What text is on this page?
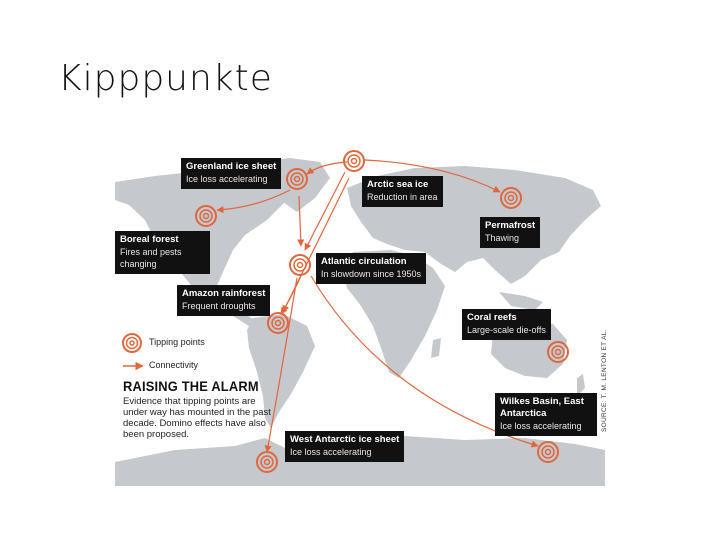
Kipppunkte
Greenland ice sheet
Ice loss accelerating	Arctic sea ice
Reduction in area
Boreal forest
Fires and pests changing
Permafrost
Thawing
Atlantic circulation
In slowdown since 1950s
Amazon rainforest
Frequent droughts
Coral reefs
Large-scale die-offs
Wilkes Basin, East Antarctica
Ice loss accelerating
West Antarctic ice sheet
Ice loss accelerating
Tipping points
Connectivity
RAISING THE ALARM
Evidence that tipping points are under way has mounted in the past decade. Domino effects have also been proposed.
SOURCE: T. M. LENTON ET AL.
